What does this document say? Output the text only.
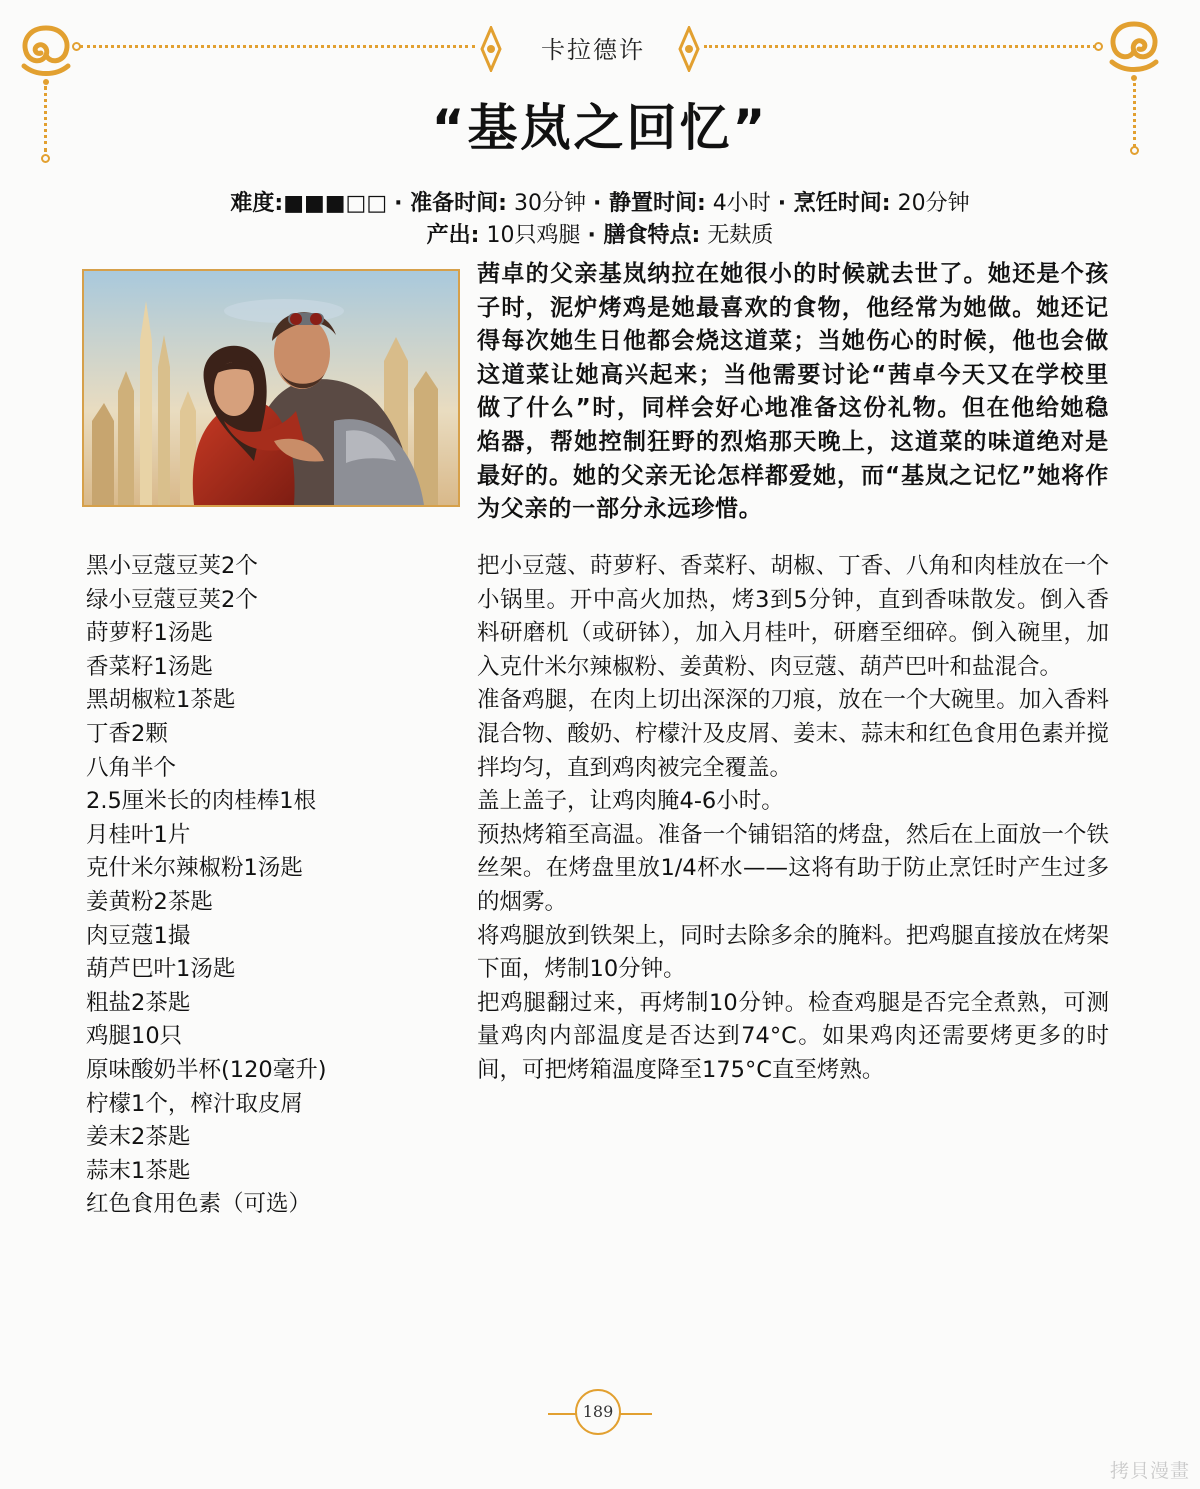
卡拉德许
“基岚之回忆”
难度:■■■□□ · 准备时间: 30分钟 · 静置时间: 4小时 · 烹饪时间: 20分钟
产出: 10只鸡腿 · 膳食特点: 无麸质
茜卓的父亲基岚纳拉在她很小的时候就去世了。她还是个孩子时，泥炉烤鸡是她最喜欢的食物，他经常为她做。她还记得每次她生日他都会烧这道菜；当她伤心的时候，他也会做这道菜让她高兴起来；当他需要讨论“茜卓今天又在学校里做了什么”时，同样会好心地准备这份礼物。但在他给她稳焰器，帮她控制狂野的烈焰那天晚上，这道菜的味道绝对是最好的。她的父亲无论怎样都爱她，而“基岚之记忆”她将作为父亲的一部分永远珍惜。
黑小豆蔻豆荚2个
绿小豆蔻豆荚2个
莳萝籽1汤匙
香菜籽1汤匙
黑胡椒粒1茶匙
丁香2颗
八角半个
2.5厘米长的肉桂棒1根
月桂叶1片
克什米尔辣椒粉1汤匙
姜黄粉2茶匙
肉豆蔻1撮
葫芦巴叶1汤匙
粗盐2茶匙
鸡腿10只
原味酸奶半杯(120毫升)
柠檬1个，榨汁取皮屑
姜末2茶匙
蒜末1茶匙
红色食用色素（可选）

把小豆蔻、莳萝籽、香菜籽、胡椒、丁香、八角和肉桂放在一个小锅里。开中高火加热，烤3到5分钟，直到香味散发。倒入香料研磨机（或研钵），加入月桂叶，研磨至细碎。倒入碗里，加入克什米尔辣椒粉、姜黄粉、肉豆蔻、葫芦巴叶和盐混合。

准备鸡腿，在肉上切出深深的刀痕，放在一个大碗里。加入香料混合物、酸奶、柠檬汁及皮屑、姜末、蒜末和红色食用色素并搅拌均匀，直到鸡肉被完全覆盖。

盖上盖子，让鸡肉腌4-6小时。

预热烤箱至高温。准备一个铺铝箔的烤盘，然后在上面放一个铁丝架。在烤盘里放1/4杯水——这将有助于防止烹饪时产生过多的烟雾。

将鸡腿放到铁架上，同时去除多余的腌料。把鸡腿直接放在烤架下面，烤制10分钟。

把鸡腿翻过来，再烤制10分钟。检查鸡腿是否完全煮熟，可测量鸡肉内部温度是否达到74°C。如果鸡肉还需要烤更多的时间，可把烤箱温度降至175°C直至烤熟。

189
拷貝漫畫
